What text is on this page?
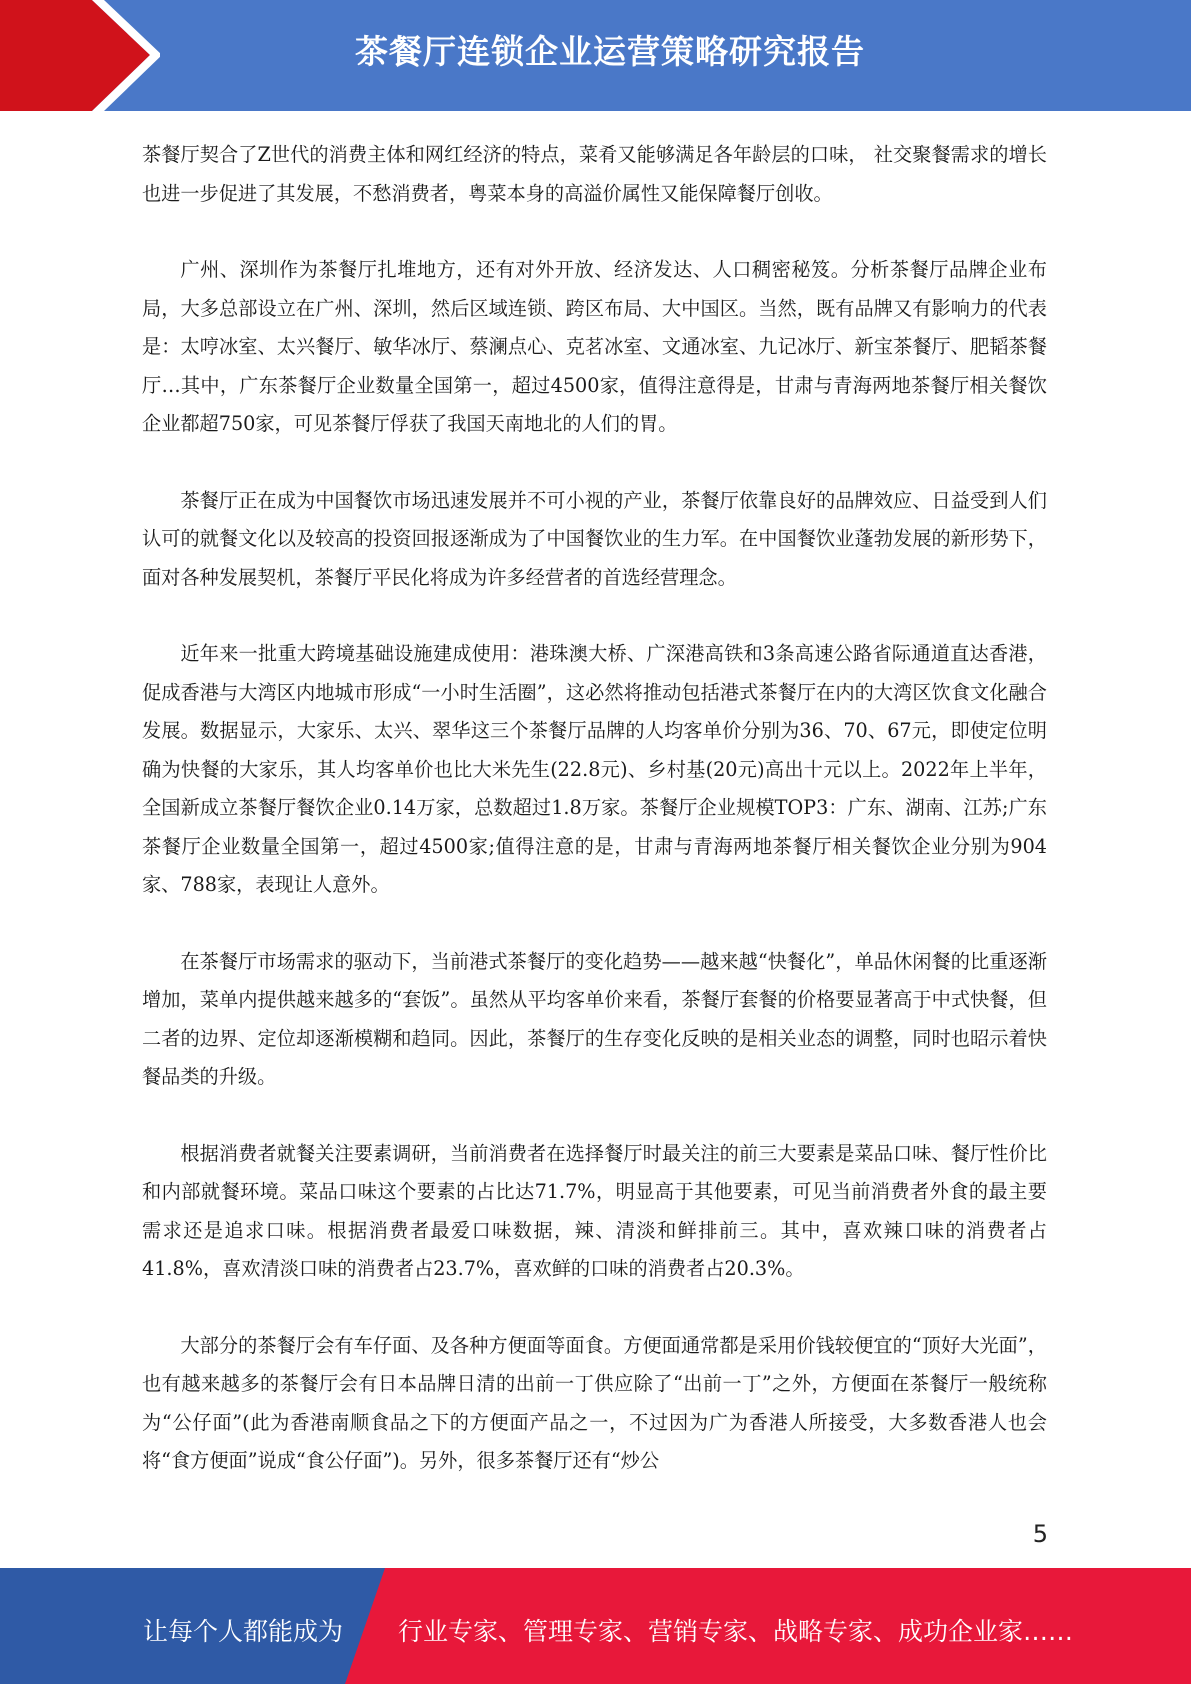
茶餐厅连锁企业运营策略研究报告

茶餐厅契合了Z世代的消费主体和网红经济的特点，菜肴又能够满足各年龄层的口味， 社交聚餐需求的增长也进一步促进了其发展，不愁消费者，粤菜本身的高溢价属性又能保障餐厅创收。

广州、深圳作为茶餐厅扎堆地方，还有对外开放、经济发达、人口稠密秘笈。分析茶餐厅品牌企业布局，大多总部设立在广州、深圳，然后区域连锁、跨区布局、大中国区。当然，既有品牌又有影响力的代表是：太哼冰室、太兴餐厅、敏华冰厅、蔡澜点心、克茗冰室、文通冰室、九记冰厅、新宝茶餐厅、肥韬茶餐厅…其中，广东茶餐厅企业数量全国第一，超过4500家，值得注意得是，甘肃与青海两地茶餐厅相关餐饮企业都超750家，可见茶餐厅俘获了我国天南地北的人们的胃。

茶餐厅正在成为中国餐饮市场迅速发展并不可小视的产业，茶餐厅依靠良好的品牌效应、日益受到人们认可的就餐文化以及较高的投资回报逐渐成为了中国餐饮业的生力军。在中国餐饮业蓬勃发展的新形势下，面对各种发展契机，茶餐厅平民化将成为许多经营者的首选经营理念。

近年来一批重大跨境基础设施建成使用：港珠澳大桥、广深港高铁和3条高速公路省际通道直达香港，促成香港与大湾区内地城市形成“一小时生活圈”，这必然将推动包括港式茶餐厅在内的大湾区饮食文化融合发展。数据显示，大家乐、太兴、翠华这三个茶餐厅品牌的人均客单价分别为36、70、67元，即使定位明确为快餐的大家乐，其人均客单价也比大米先生(22.8元)、乡村基(20元)高出十元以上。2022年上半年，全国新成立茶餐厅餐饮企业0.14万家，总数超过1.8万家。茶餐厅企业规模TOP3：广东、湖南、江苏;广东茶餐厅企业数量全国第一，超过4500家;值得注意的是，甘肃与青海两地茶餐厅相关餐饮企业分别为904家、788家，表现让人意外。

在茶餐厅市场需求的驱动下，当前港式茶餐厅的变化趋势——越来越“快餐化”，单品休闲餐的比重逐渐增加，菜单内提供越来越多的“套饭”。虽然从平均客单价来看，茶餐厅套餐的价格要显著高于中式快餐，但二者的边界、定位却逐渐模糊和趋同。因此，茶餐厅的生存变化反映的是相关业态的调整，同时也昭示着快餐品类的升级。

根据消费者就餐关注要素调研，当前消费者在选择餐厅时最关注的前三大要素是菜品口味、餐厅性价比和内部就餐环境。菜品口味这个要素的占比达71.7%，明显高于其他要素，可见当前消费者外食的最主要需求还是追求口味。根据消费者最爱口味数据，辣、清淡和鲜排前三。其中，喜欢辣口味的消费者占41.8%，喜欢清淡口味的消费者占23.7%，喜欢鲜的口味的消费者占20.3%。

大部分的茶餐厅会有车仔面、及各种方便面等面食。方便面通常都是采用价钱较便宜的“顶好大光面”，也有越来越多的茶餐厅会有日本品牌日清的出前一丁供应除了“出前一丁”之外，方便面在茶餐厅一般统称为“公仔面”(此为香港南顺食品之下的方便面产品之一，不过因为广为香港人所接受，大多数香港人也会将“食方便面”说成“食公仔面”)。另外，很多茶餐厅还有“炒公

5
让每个人都能成为 行业专家、管理专家、营销专家、战略专家、成功企业家……
